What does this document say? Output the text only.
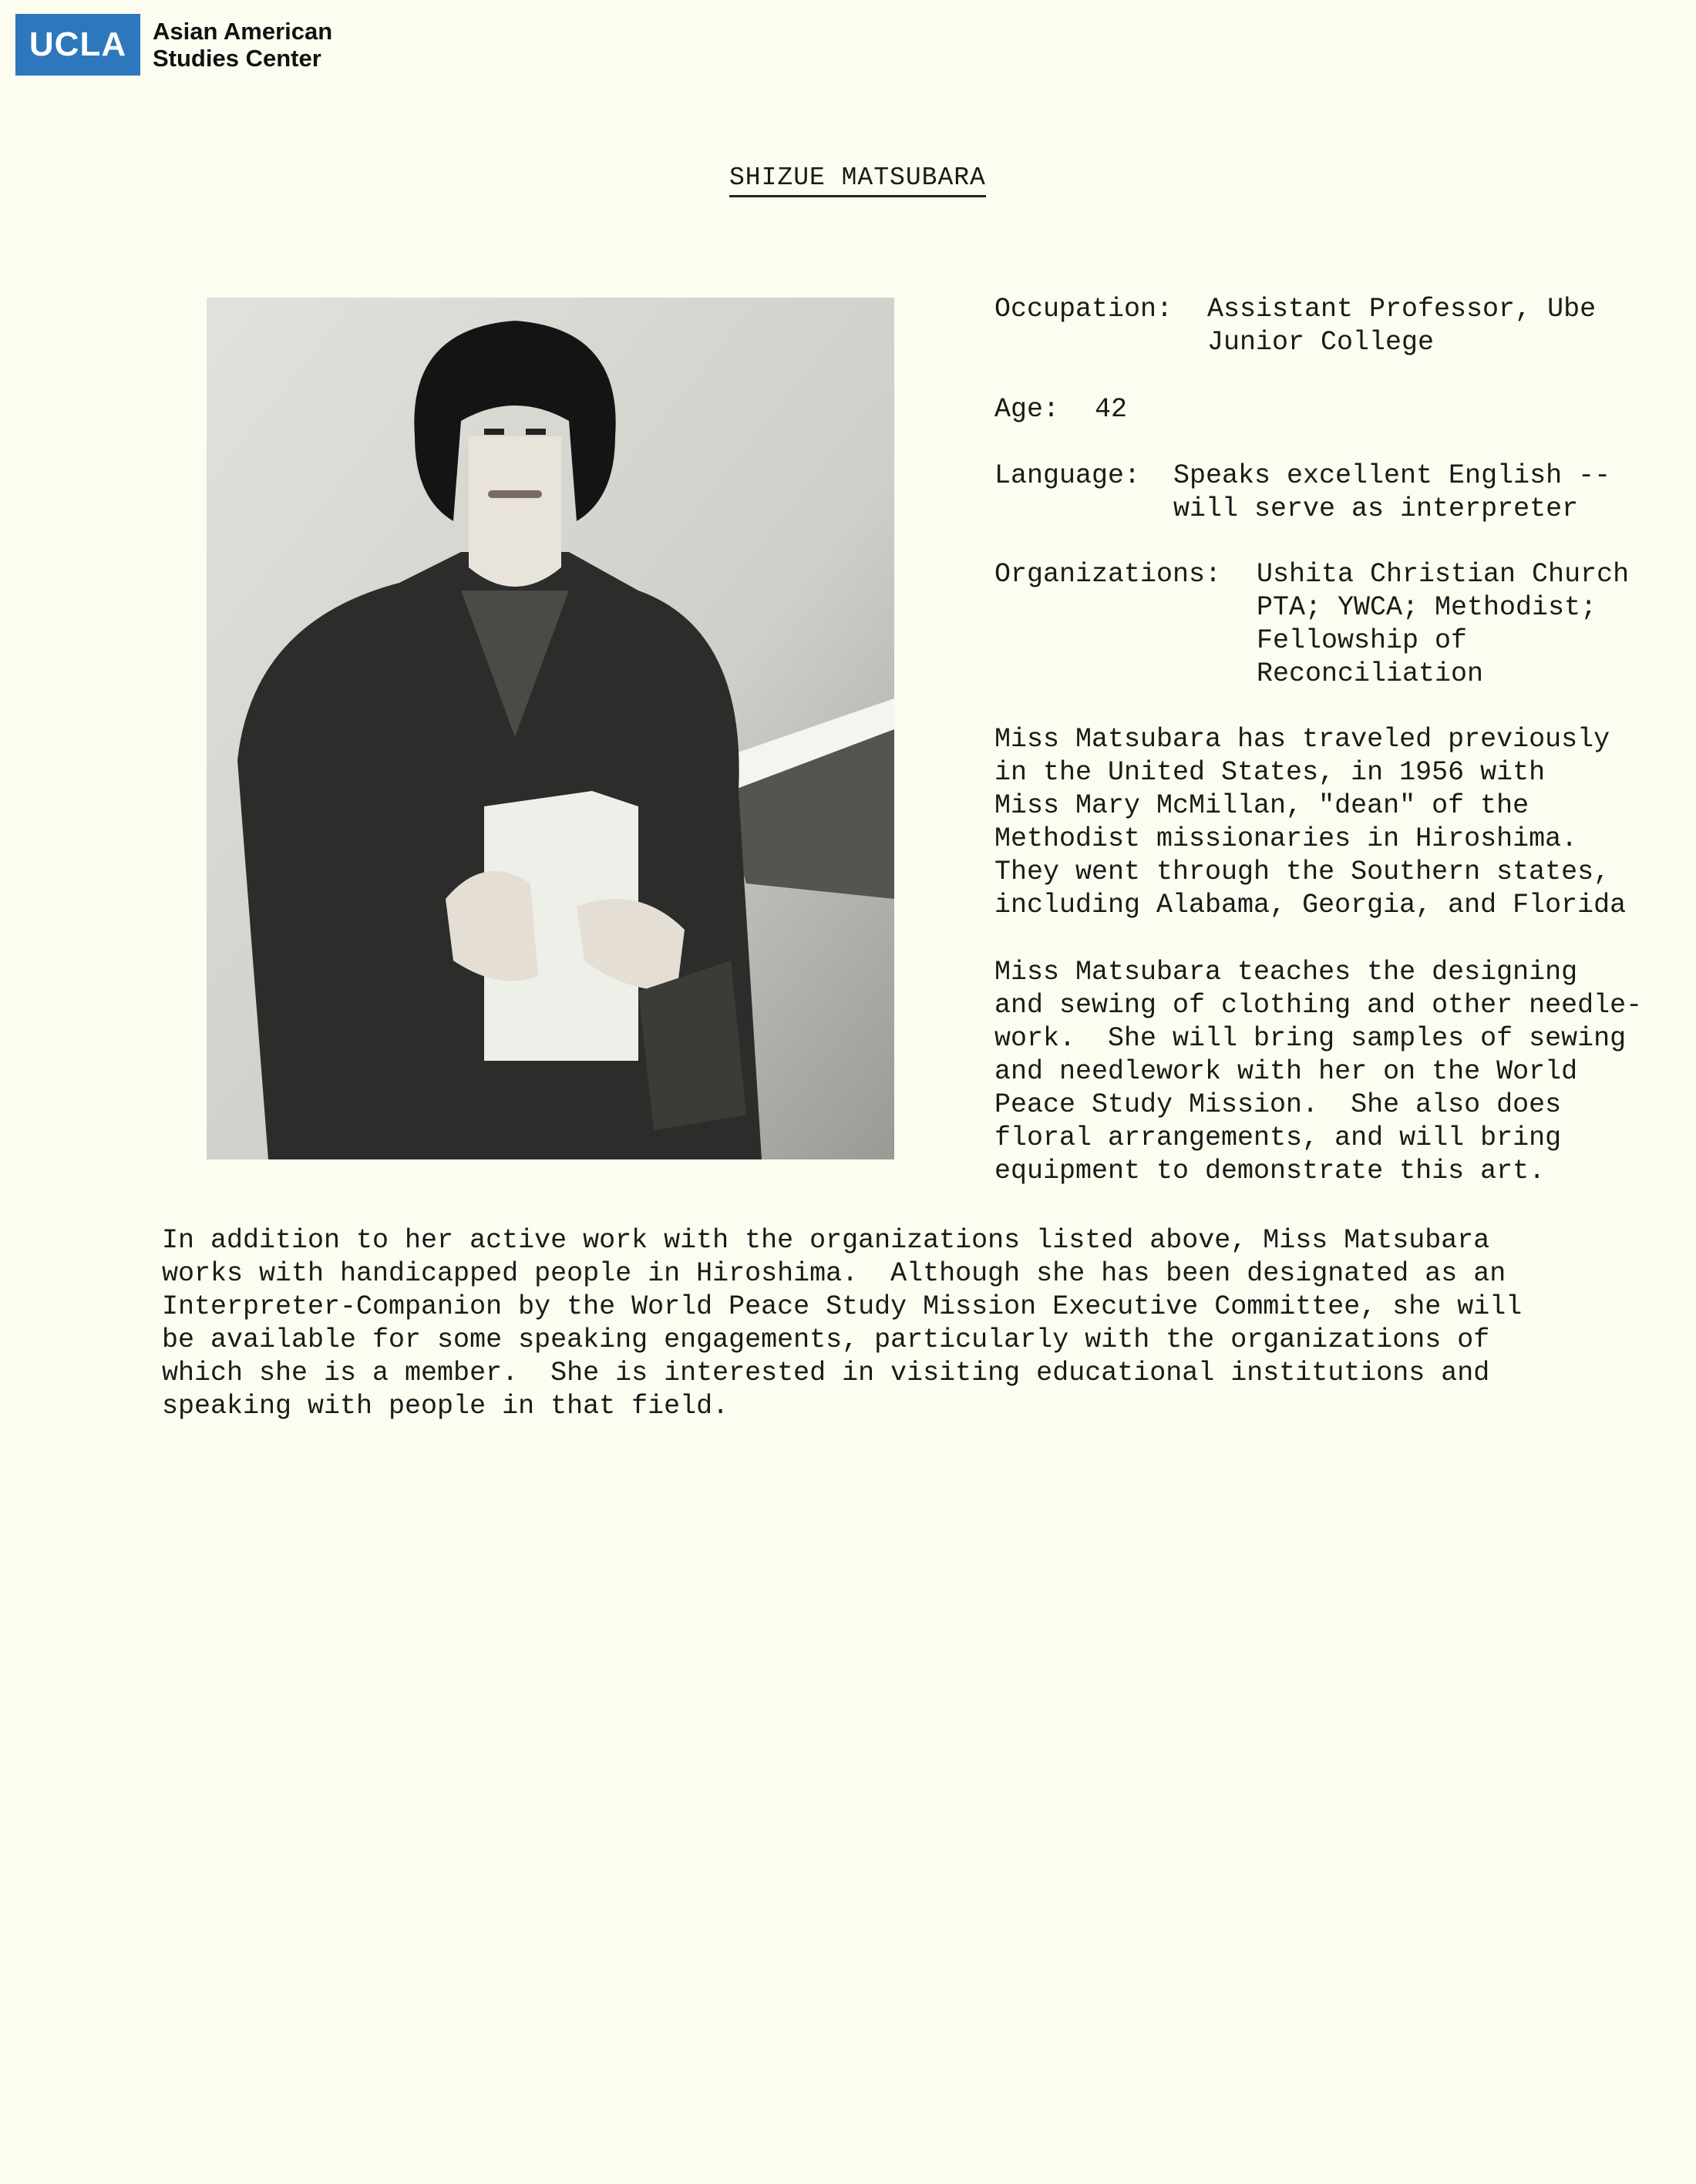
UCLA	Asian American
Studies Center
SHIZUE MATSUBARA
Occupation:	Assistant Professor, Ube
Junior College
Age:	42
Language:	Speaks excellent English --
will serve as interpreter
Organizations:	Ushita Christian Church
PTA; YWCA; Methodist;
Fellowship of
Reconciliation
Miss Matsubara has traveled previously
in the United States, in 1956 with
Miss Mary McMillan, "dean" of the
Methodist missionaries in Hiroshima.
They went through the Southern states,
including Alabama, Georgia, and Florida
Miss Matsubara teaches the designing
and sewing of clothing and other needle-
work.  She will bring samples of sewing
and needlework with her on the World
Peace Study Mission.  She also does
floral arrangements, and will bring
equipment to demonstrate this art.
In addition to her active work with the organizations listed above, Miss Matsubara
works with handicapped people in Hiroshima.  Although she has been designated as an
Interpreter-Companion by the World Peace Study Mission Executive Committee, she will
be available for some speaking engagements, particularly with the organizations of
which she is a member.  She is interested in visiting educational institutions and
speaking with people in that field.
